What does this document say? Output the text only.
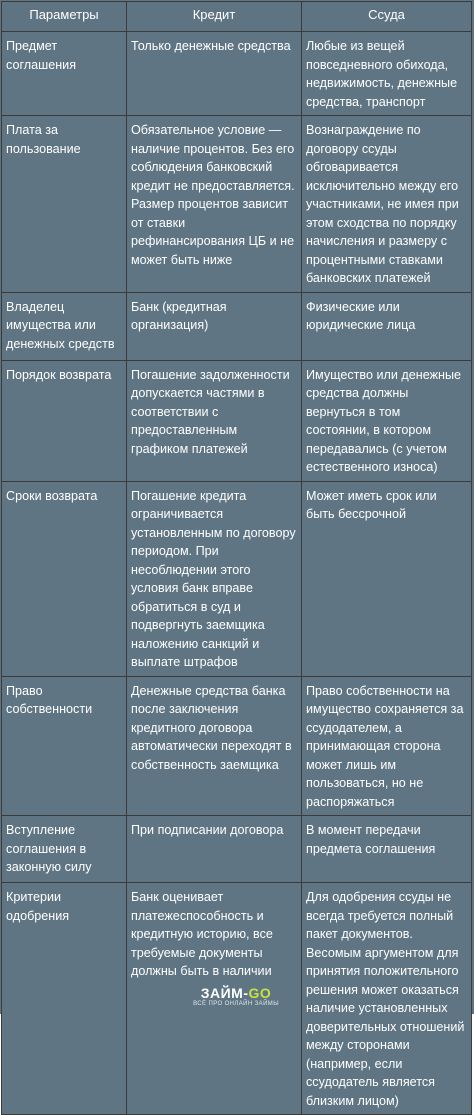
Параметры	Кредит	Ссуда
Предмет соглашения	Только денежные средства	Любые из вещей повседневного обихода, недвижимость, денежные средства, транспорт
Плата за пользование	Обязательное условие — наличие процентов. Без его соблюдения банковский кредит не предоставляется. Размер процентов зависит от ставки рефинансирования ЦБ и не может быть ниже	Вознаграждение по договору ссуды обговаривается исключительно между его участниками, не имея при этом сходства по порядку начисления и размеру с процентными ставками банковских платежей
Владелец имущества или денежных средств	Банк (кредитная организация)	Физические или юридические лица
Порядок возврата	Погашение задолженности допускается частями в соответствии с предоставленным графиком платежей	Имущество или денежные средства должны вернуться в том состоянии, в котором передавались (с учетом естественного износа)
Сроки возврата	Погашение кредита ограничивается установленным по договору периодом. При несоблюдении этого условия банк вправе обратиться в суд и подвергнуть заемщика наложению санкций и выплате штрафов	Может иметь срок или быть бессрочной
Право собственности	Денежные средства банка после заключения кредитного договора автоматически переходят в собственность заемщика	Право собственности на имущество сохраняется за ссудодателем, а принимающая сторона может лишь им пользоваться, но не распоряжаться
Вступление соглашения в законную силу	При подписании договора	В момент передачи предмета соглашения
Критерии одобрения	Банк оценивает платежеспособность и кредитную историю, все требуемые документы должны быть в наличии	Для одобрения ссуды не всегда требуется полный пакет документов. Весомым аргументом для принятия положительного решения может оказаться наличие установленных доверительных отношений между сторонами (например, если ссудодатель является близким лицом)
ЗАЙМ-GO
ВСЁ ПРО ОНЛАЙН ЗАЙМЫ
